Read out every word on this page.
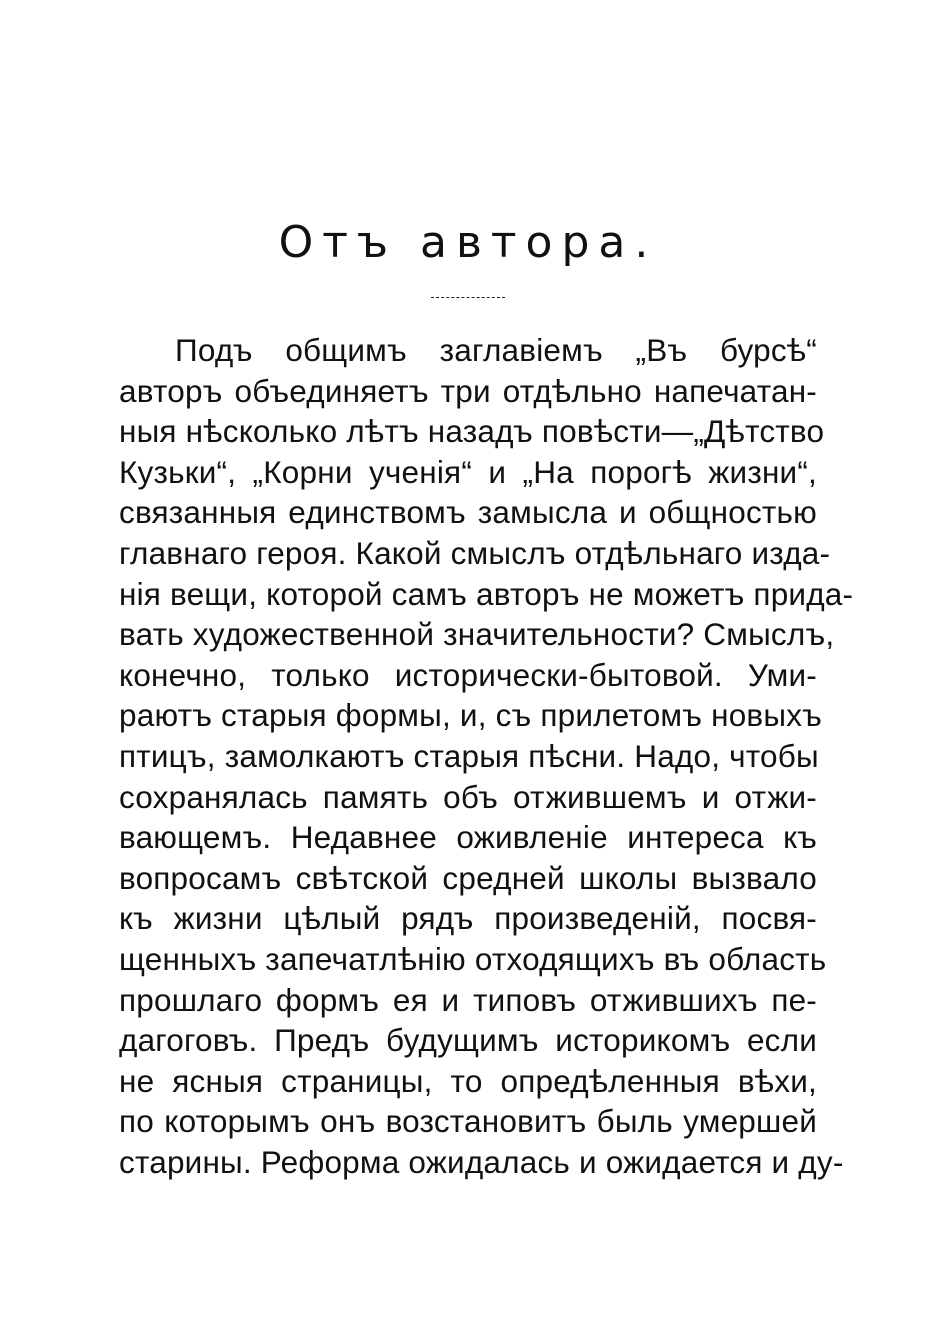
Отъ автора.
Подъ общимъ заглавіемъ „Въ бурсѣ“
авторъ объединяетъ три отдѣльно напечатан-
ныя нѣсколько лѣтъ назадъ повѣсти—„Дѣтство
Кузьки“, „Корни ученія“ и „На порогѣ жизни“,
связанныя единствомъ замысла и общностью
главнаго героя. Какой смыслъ отдѣльнаго изда-
нія вещи, которой самъ авторъ не можетъ прида-
вать художественной значительности? Смыслъ,
конечно, только исторически-бытовой. Уми-
раютъ старыя формы, и, съ прилетомъ новыхъ
птицъ, замолкаютъ старыя пѣсни. Надо, чтобы
сохранялась память объ отжившемъ и отжи-
вающемъ. Недавнее оживленіе интереса къ
вопросамъ свѣтской средней школы вызвало
къ жизни цѣлый рядъ произведеній, посвя-
щенныхъ запечатлѣнію отходящихъ въ область
прошлаго формъ ея и типовъ отжившихъ пе-
дагоговъ. Предъ будущимъ историкомъ если
не ясныя страницы, то опредѣленныя вѣхи,
по которымъ онъ возстановитъ быль умершей
старины. Реформа ожидалась и ожидается и ду-
